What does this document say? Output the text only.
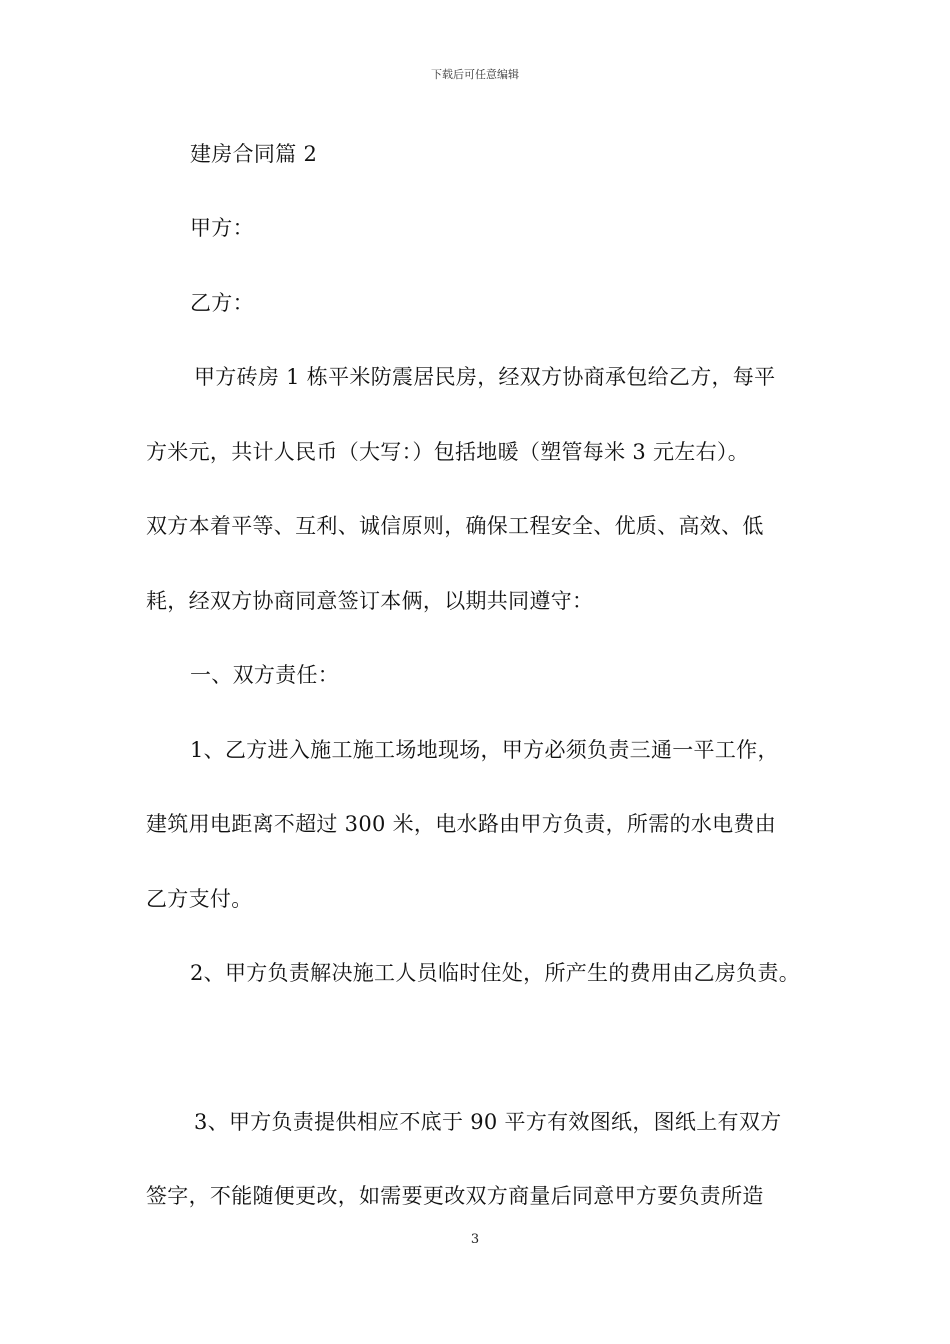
下载后可任意编辑
建房合同篇 2
甲方：
乙方：
甲方砖房 1 栋平米防震居民房，经双方协商承包给乙方，每平
方米元，共计人民币（大写：）包括地暖（塑管每米 3 元左右）。
双方本着平等、互利、诚信原则，确保工程安全、优质、高效、低
耗，经双方协商同意签订本俩，以期共同遵守：
一、双方责任：
1、乙方进入施工施工场地现场，甲方必须负责三通一平工作，
建筑用电距离不超过 300 米，电水路由甲方负责，所需的水电费由
乙方支付。
2、甲方负责解决施工人员临时住处，所产生的费用由乙房负责。
3、甲方负责提供相应不底于 90 平方有效图纸，图纸上有双方
签字，不能随便更改，如需要更改双方商量后同意甲方要负责所造
3
